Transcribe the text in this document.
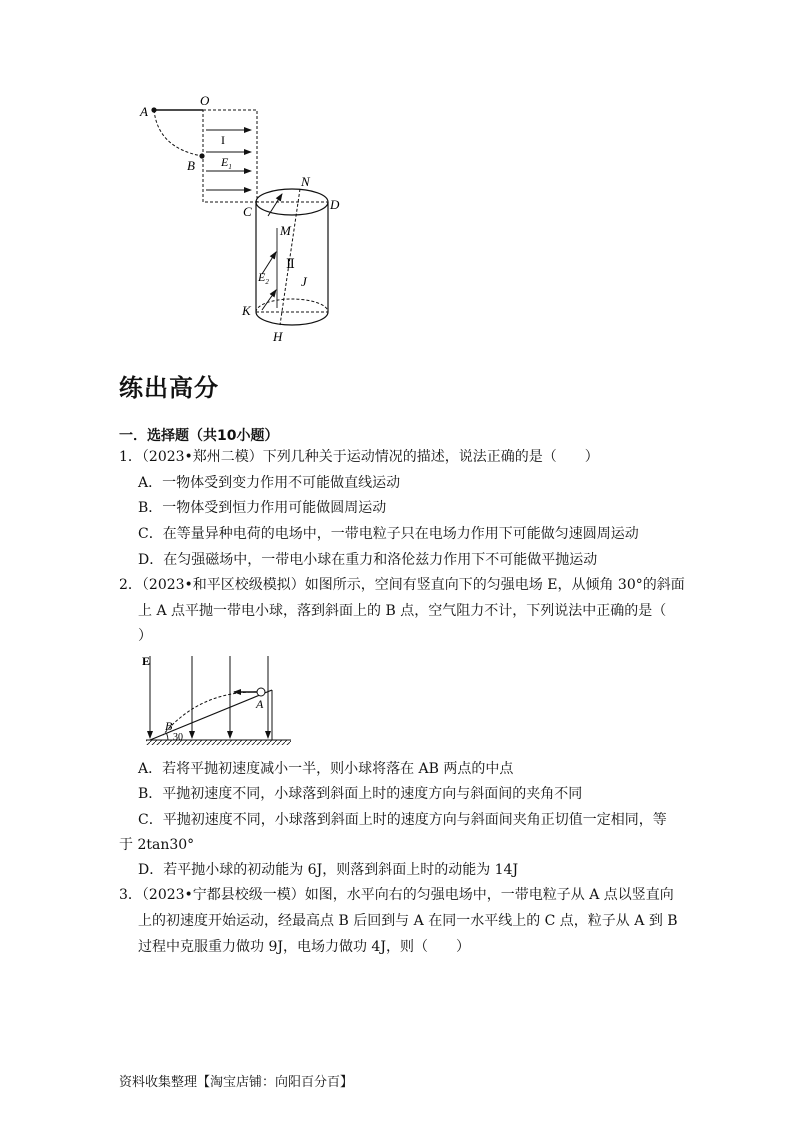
I
$E_1$
A
O
B
C	D
N
M
Ⅱ
$E_2$ J
K
H
练出高分
一．选择题（共10小题）
1．（2023•郑州二模）下列几种关于运动情况的描述，说法正确的是（　　）
A．一物体受到变力作用不可能做直线运动
B．一物体受到恒力作用可能做圆周运动
C．在等量异种电荷的电场中，一带电粒子只在电场力作用下可能做匀速圆周运动
D．在匀强磁场中，一带电小球在重力和洛伦兹力作用下不可能做平抛运动
2．（2023•和平区校级模拟）如图所示，空间有竖直向下的匀强电场 E，从倾角 30°的斜面
上 A 点平抛一带电小球，落到斜面上的 B 点，空气阻力不计，下列说法中正确的是（
）
E
A
B
30
A．若将平抛初速度减小一半，则小球将落在 AB 两点的中点
B．平抛初速度不同，小球落到斜面上时的速度方向与斜面间的夹角不同
C．平抛初速度不同，小球落到斜面上时的速度方向与斜面间夹角正切值一定相同，等
于 2tan30°
D．若平抛小球的初动能为 6J，则落到斜面上时的动能为 14J
3．（2023•宁都县校级一模）如图，水平向右的匀强电场中，一带电粒子从 A 点以竖直向
上的初速度开始运动，经最高点 B 后回到与 A 在同一水平线上的 C 点，粒子从 A 到 B
过程中克服重力做功 9J，电场力做功 4J，则（　　）
资料收集整理【淘宝店铺：向阳百分百】
